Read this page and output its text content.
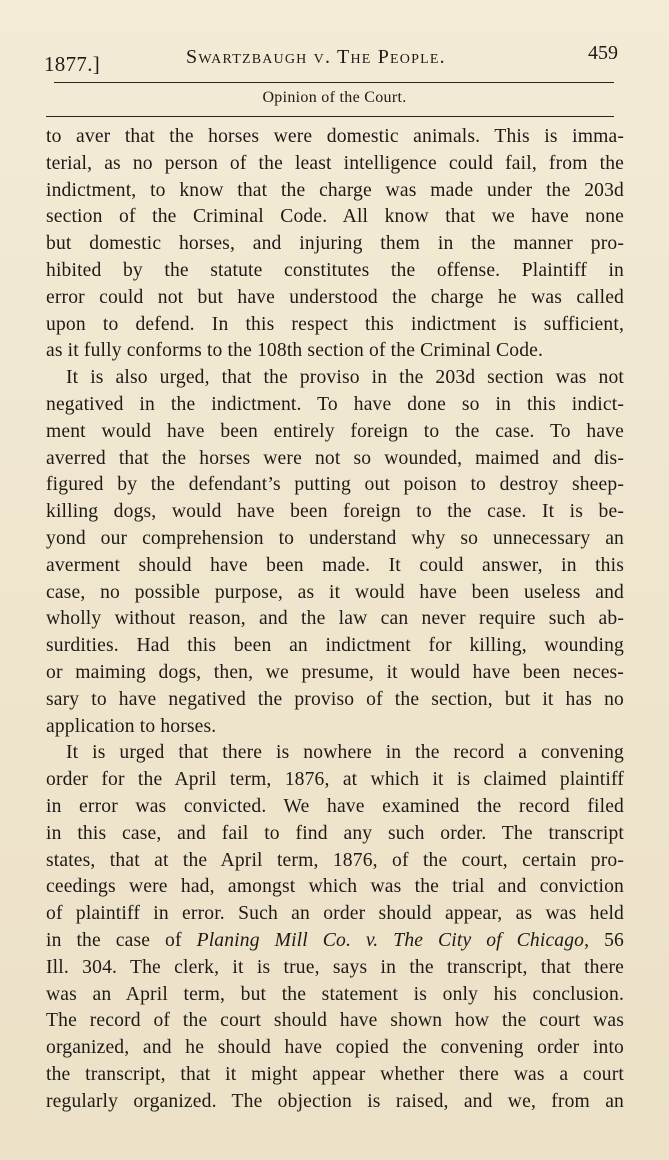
1877.]	Swartzbaugh v. The People.	459
Opinion of the Court.
to aver that the horses were domestic animals. This is imma-
terial, as no person of the least intelligence could fail, from the
indictment, to know that the charge was made under the 203d
section of the Criminal Code. All know that we have none
but domestic horses, and injuring them in the manner pro-
hibited by the statute constitutes the offense. Plaintiff in
error could not but have understood the charge he was called
upon to defend. In this respect this indictment is sufficient,
as it fully conforms to the 108th section of the Criminal Code.
It is also urged, that the proviso in the 203d section was not
negatived in the indictment. To have done so in this indict-
ment would have been entirely foreign to the case. To have
averred that the horses were not so wounded, maimed and dis-
figured by the defendant’s putting out poison to destroy sheep-
killing dogs, would have been foreign to the case. It is be-
yond our comprehension to understand why so unnecessary an
averment should have been made. It could answer, in this
case, no possible purpose, as it would have been useless and
wholly without reason, and the law can never require such ab-
surdities. Had this been an indictment for killing, wounding
or maiming dogs, then, we presume, it would have been neces-
sary to have negatived the proviso of the section, but it has no
application to horses.
It is urged that there is nowhere in the record a convening
order for the April term, 1876, at which it is claimed plaintiff
in error was convicted. We have examined the record filed
in this case, and fail to find any such order. The transcript
states, that at the April term, 1876, of the court, certain pro-
ceedings were had, amongst which was the trial and conviction
of plaintiff in error. Such an order should appear, as was held
in the case of Planing Mill Co. v. The City of Chicago, 56
Ill. 304. The clerk, it is true, says in the transcript, that there
was an April term, but the statement is only his conclusion.
The record of the court should have shown how the court was
organized, and he should have copied the convening order into
the transcript, that it might appear whether there was a court
regularly organized. The objection is raised, and we, from an
